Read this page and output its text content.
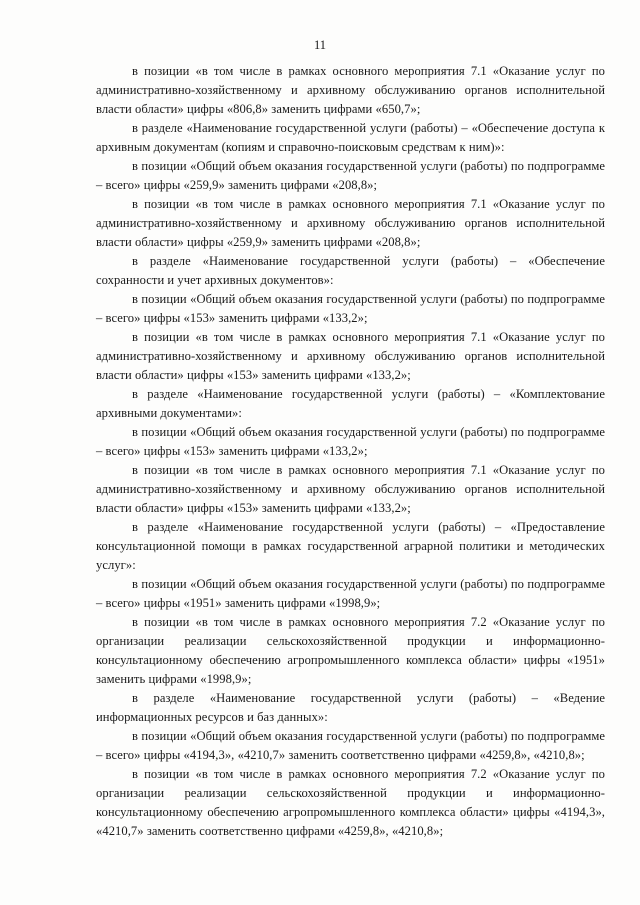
11

в позиции «в том числе в рамках основного мероприятия 7.1 «Оказание услуг по административно-хозяйственному и архивному обслуживанию органов исполнительной власти области» цифры «806,8» заменить цифрами «650,7»;

в разделе «Наименование государственной услуги (работы) – «Обеспечение доступа к архивным документам (копиям и справочно-поисковым средствам к ним)»:

в позиции «Общий объем оказания государственной услуги (работы) по подпрограмме – всего» цифры «259,9» заменить цифрами «208,8»;

в позиции «в том числе в рамках основного мероприятия 7.1 «Оказание услуг по административно-хозяйственному и архивному обслуживанию органов исполнительной власти области» цифры «259,9» заменить цифрами «208,8»;

в разделе «Наименование государственной услуги (работы) – «Обеспечение сохранности и учет архивных документов»:

в позиции «Общий объем оказания государственной услуги (работы) по подпрограмме – всего» цифры «153» заменить цифрами «133,2»;

в позиции «в том числе в рамках основного мероприятия 7.1 «Оказание услуг по административно-хозяйственному и архивному обслуживанию органов исполнительной власти области» цифры «153» заменить цифрами «133,2»;

в разделе «Наименование государственной услуги (работы) – «Комплектование архивными документами»:

в позиции «Общий объем оказания государственной услуги (работы) по подпрограмме – всего» цифры «153» заменить цифрами «133,2»;

в позиции «в том числе в рамках основного мероприятия 7.1 «Оказание услуг по административно-хозяйственному и архивному обслуживанию органов исполнительной власти области» цифры «153» заменить цифрами «133,2»;

в разделе «Наименование государственной услуги (работы) – «Предоставление консультационной помощи в рамках государственной аграрной политики и методических услуг»:

в позиции «Общий объем оказания государственной услуги (работы) по подпрограмме – всего» цифры «1951» заменить цифрами «1998,9»;

в позиции «в том числе в рамках основного мероприятия 7.2 «Оказание услуг по организации реализации сельскохозяйственной продукции и информационно-консультационному обеспечению агропромышленного комплекса области» цифры «1951» заменить цифрами «1998,9»;

в разделе «Наименование государственной услуги (работы) – «Ведение информационных ресурсов и баз данных»:

в позиции «Общий объем оказания государственной услуги (работы) по подпрограмме – всего» цифры «4194,3», «4210,7» заменить соответственно цифрами «4259,8», «4210,8»;

в позиции «в том числе в рамках основного мероприятия 7.2 «Оказание услуг по организации реализации сельскохозяйственной продукции и информационно-консультационному обеспечению агропромышленного комплекса области» цифры «4194,3», «4210,7» заменить соответственно цифрами «4259,8», «4210,8»;
